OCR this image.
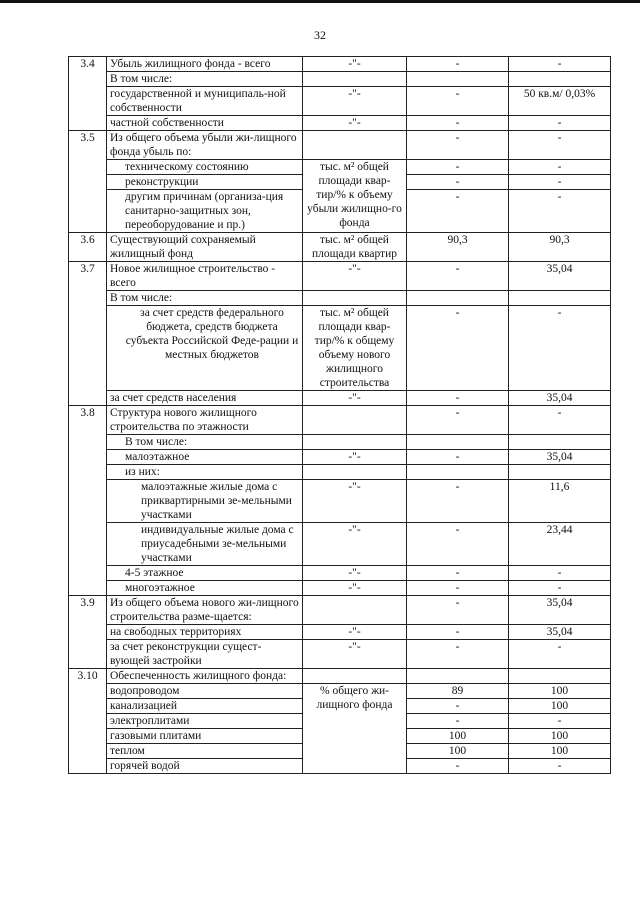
32
3.4	Убыль жилищного фонда - всего	-"-	-	-
	В том числе:			
	государственной и муниципаль-ной собственности	-"-	-	50 кв.м/ 0,03%
	частной собственности	-"-	-	-
3.5	Из общего объема убыли жи-лищного фонда убыль по:		-	-
	техническому состоянию	тыс. м² общей площади квар-тир/% к объему убыли жилищно-го фонда	-	-
	реконструкции		-	-
	другим причинам (организа-ция санитарно-защитных зон, переоборудование и пр.)		-	-
3.6	Существующий сохраняемый жилищный фонд	тыс. м² общей площади квартир	90,3	90,3
3.7	Новое жилищное строительство - всего	-"-	-	35,04
	В том числе:			
	за счет средств федерального бюджета, средств бюджета субъекта Российской Феде-рации и местных бюджетов	тыс. м² общей площади квар-тир/% к общему объему нового жилищного строительства	-	-
	за счет средств населения	-"-	-	35,04
3.8	Структура нового жилищного строительства по этажности		-	-
	В том числе:			
	малоэтажное	-"-	-	35,04
	из них:			
	малоэтажные жилые дома с приквартирными зе-мельными участками	-"-	-	11,6
	индивидуальные жилые дома с приусадебными зе-мельными участками	-"-	-	23,44
	4-5 этажное	-"-	-	-
	многоэтажное	-"-	-	-
3.9	Из общего объема нового жи-лищного строительства разме-щается:		-	35,04
	на свободных территориях	-"-	-	35,04
	за счет реконструкции сущест-вующей застройки	-"-	-	-
3.10	Обеспеченность жилищного фонда:			
	водопроводом	% общего жи-лищного фонда	89	100
	канализацией		-	100
	электроплитами		-	-
	газовыми плитами		100	100
	теплом		100	100
	горячей водой		-	-
